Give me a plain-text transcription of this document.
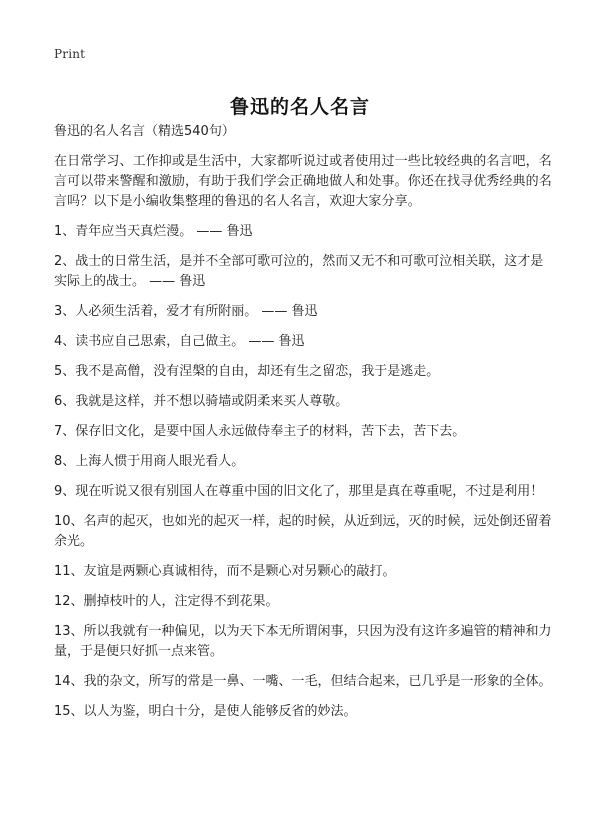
Print
鲁迅的名人名言

鲁迅的名人名言（精选540句）

在日常学习、工作抑或是生活中，大家都听说过或者使用过一些比较经典的名言吧，名言可以带来警醒和激励，有助于我们学会正确地做人和处事。你还在找寻优秀经典的名言吗？以下是小编收集整理的鲁迅的名人名言，欢迎大家分享。

1、青年应当天真烂漫。 —— 鲁迅
2、战士的日常生活，是并不全部可歌可泣的，然而又无不和可歌可泣相关联，这才是实际上的战士。 —— 鲁迅
3、人必须生活着，爱才有所附丽。 —— 鲁迅
4、读书应自己思索，自己做主。 —— 鲁迅
5、我不是高僧，没有涅槃的自由，却还有生之留恋，我于是逃走。
6、我就是这样，并不想以骑墙或阴柔来买人尊敬。
7、保存旧文化，是要中国人永远做侍奉主子的材料，苦下去，苦下去。
8、上海人惯于用商人眼光看人。
9、现在听说又很有别国人在尊重中国的旧文化了，那里是真在尊重呢，不过是利用！
10、名声的起灭，也如光的起灭一样，起的时候，从近到远，灭的时候，远处倒还留着余光。
11、友谊是两颗心真诚相待，而不是颗心对另颗心的敲打。
12、删掉枝叶的人，注定得不到花果。
13、所以我就有一种偏见，以为天下本无所谓闲事，只因为没有这许多遍管的精神和力量，于是便只好抓一点来管。
14、我的杂文，所写的常是一鼻、一嘴、一毛，但结合起来，已几乎是一形象的全体。
15、以人为鉴，明白十分，是使人能够反省的妙法。
